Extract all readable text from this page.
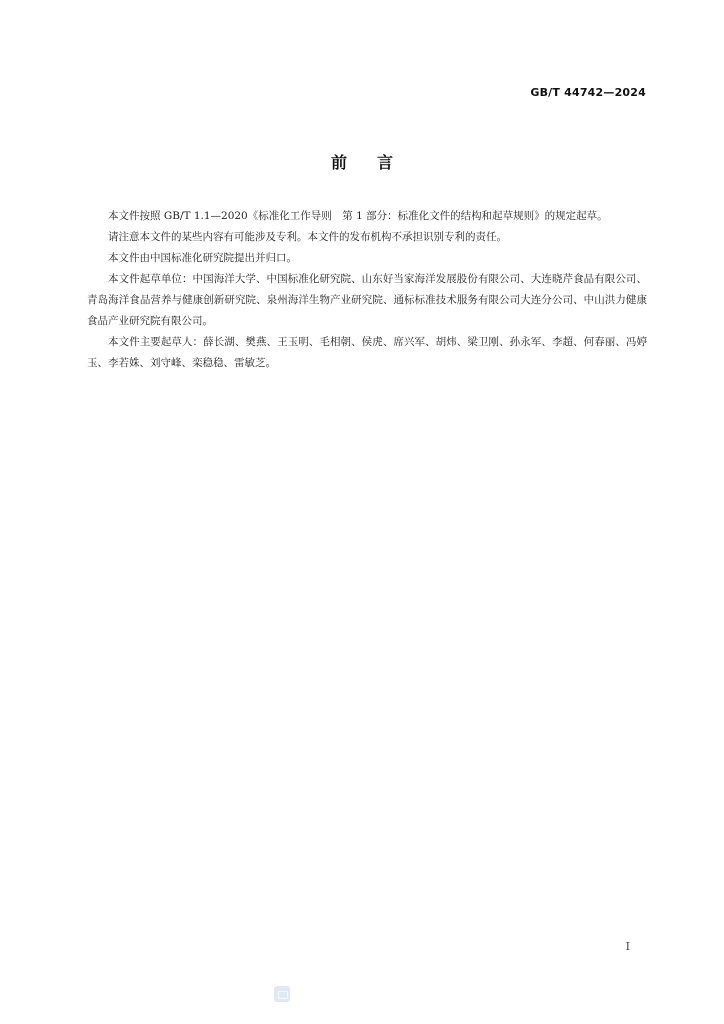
GB/T 44742—2024
前言

本文件按照 GB/T 1.1—2020《标准化工作导则　第 1 部分：标准化文件的结构和起草规则》的规定起草。

请注意本文件的某些内容有可能涉及专利。本文件的发布机构不承担识别专利的责任。

本文件由中国标准化研究院提出并归口。

本文件起草单位：中国海洋大学、中国标准化研究院、山东好当家海洋发展股份有限公司、大连晓芹食品有限公司、青岛海洋食品营养与健康创新研究院、泉州海洋生物产业研究院、通标标准技术服务有限公司大连分公司、中山洪力健康食品产业研究院有限公司。

本文件主要起草人：薛长湖、樊燕、王玉明、毛相朝、侯虎、席兴军、胡炜、梁卫刚、孙永军、李超、何春丽、冯婷玉、李若姝、刘守峰、栾稳稳、雷敏芝。

I
